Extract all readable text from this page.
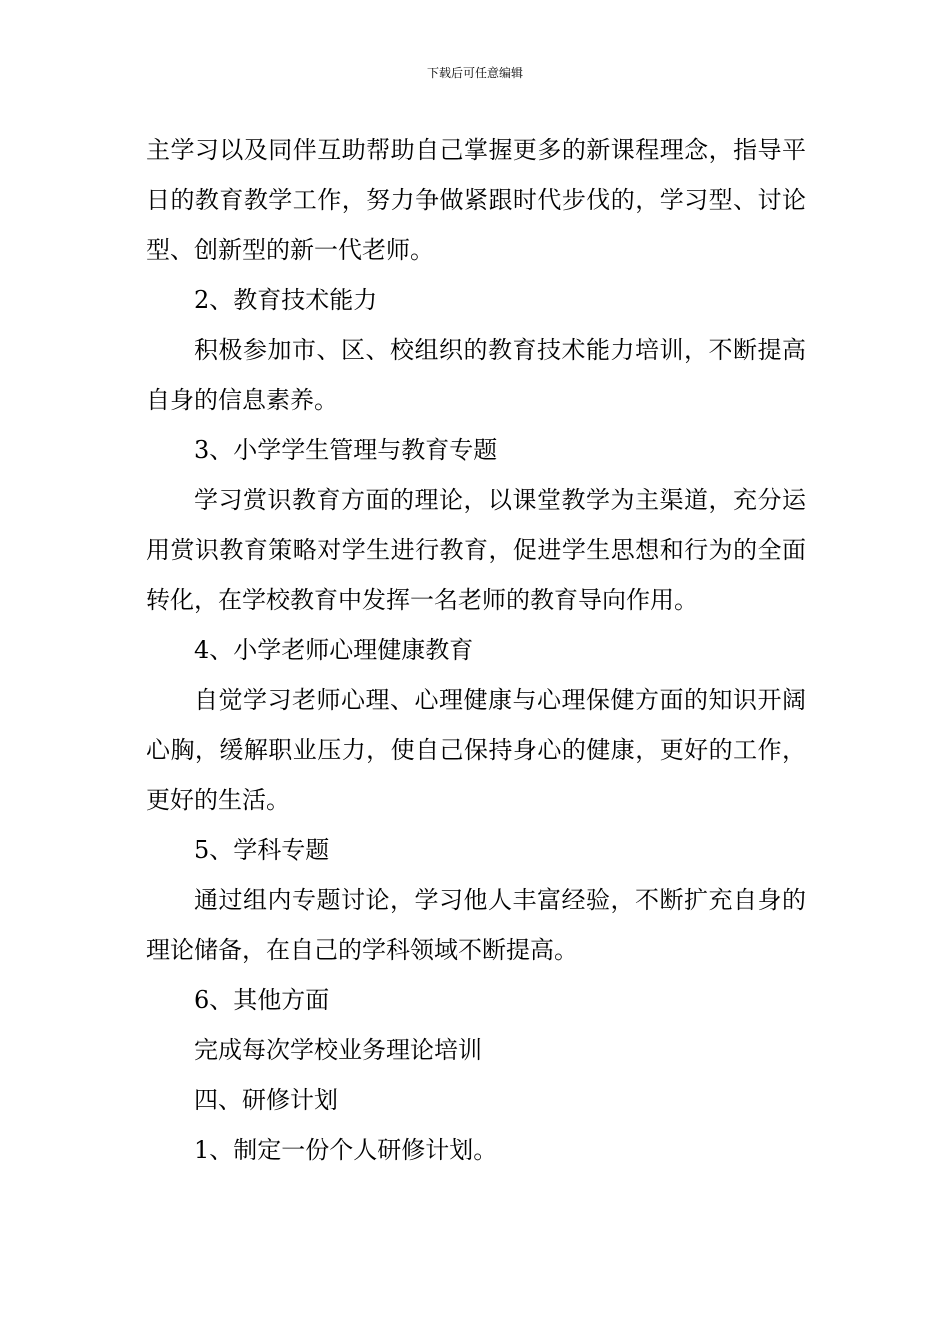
下载后可任意编辑

主学习以及同伴互助帮助自己掌握更多的新课程理念，指导平日的教育教学工作，努力争做紧跟时代步伐的，学习型、讨论型、创新型的新一代老师。

2、教育技术能力

积极参加市、区、校组织的教育技术能力培训，不断提高自身的信息素养。

3、小学学生管理与教育专题

学习赏识教育方面的理论，以课堂教学为主渠道，充分运用赏识教育策略对学生进行教育，促进学生思想和行为的全面转化，在学校教育中发挥一名老师的教育导向作用。

4、小学老师心理健康教育

自觉学习老师心理、心理健康与心理保健方面的知识开阔心胸，缓解职业压力，使自己保持身心的健康，更好的工作，更好的生活。

5、学科专题

通过组内专题讨论，学习他人丰富经验，不断扩充自身的理论储备，在自己的学科领域不断提高。

6、其他方面

完成每次学校业务理论培训

四、研修计划

1、制定一份个人研修计划。
